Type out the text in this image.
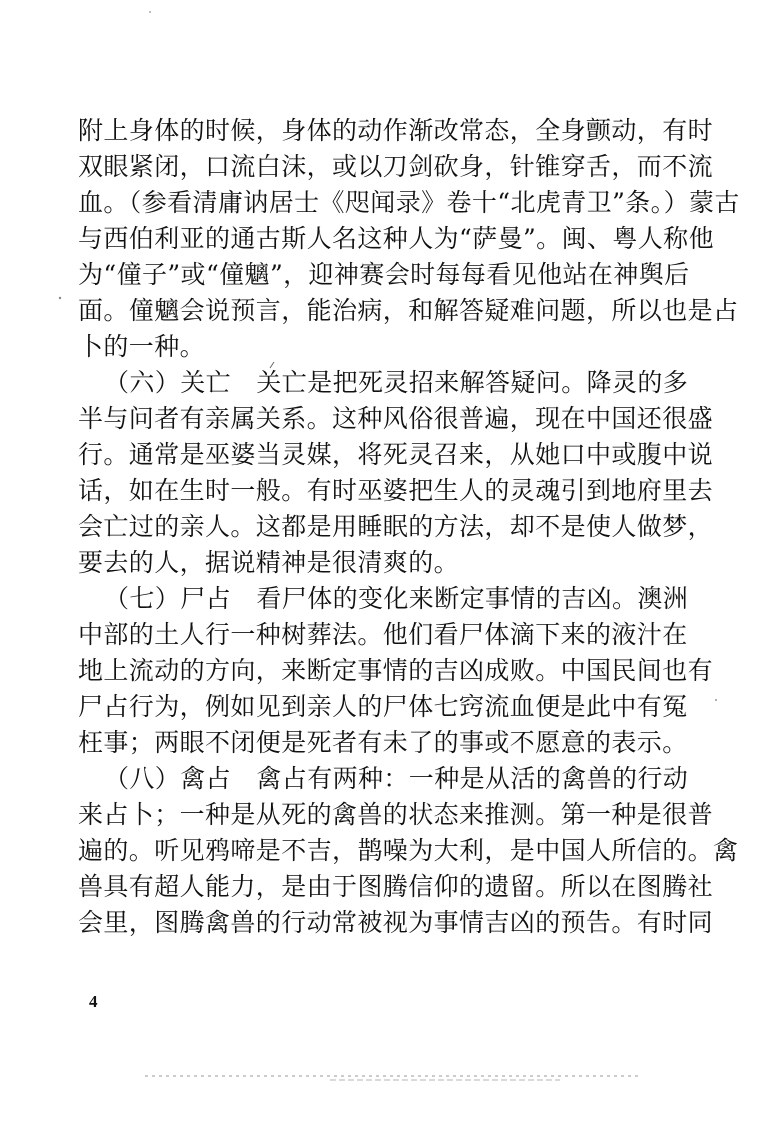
附上身体的时候，身体的动作渐改常态，全身颤动，有时
双眼紧闭，口流白沫，或以刀剑砍身，针锥穿舌，而不流
血。（参看清庸讷居士《咫闻录》卷十“北虎青卫”条。）蒙古
与西伯利亚的通古斯人名这种人为“萨曼”。闽、粤人称他
为“僮子”或“僮魑”，迎神赛会时每每看见他站在神舆后
面。僮魑会说预言，能治病，和解答疑难问题，所以也是占
卜的一种。
（六）关亡　关亡是把死灵招来解答疑问。降灵的多
半与问者有亲属关系。这种风俗很普遍，现在中国还很盛
行。通常是巫婆当灵媒，将死灵召来，从她口中或腹中说
话，如在生时一般。有时巫婆把生人的灵魂引到地府里去
会亡过的亲人。这都是用睡眠的方法，却不是使人做梦，
要去的人，据说精神是很清爽的。
（七）尸占　看尸体的变化来断定事情的吉凶。澳洲
中部的土人行一种树葬法。他们看尸体滴下来的液汁在
地上流动的方向，来断定事情的吉凶成败。中国民间也有
尸占行为，例如见到亲人的尸体七窍流血便是此中有冤
枉事；两眼不闭便是死者有未了的事或不愿意的表示。
（八）禽占　禽占有两种：一种是从活的禽兽的行动
来占卜；一种是从死的禽兽的状态来推测。第一种是很普
遍的。听见鸦啼是不吉，鹊噪为大利，是中国人所信的。禽
兽具有超人能力，是由于图腾信仰的遗留。所以在图腾社
会里，图腾禽兽的行动常被视为事情吉凶的预告。有时同
4
